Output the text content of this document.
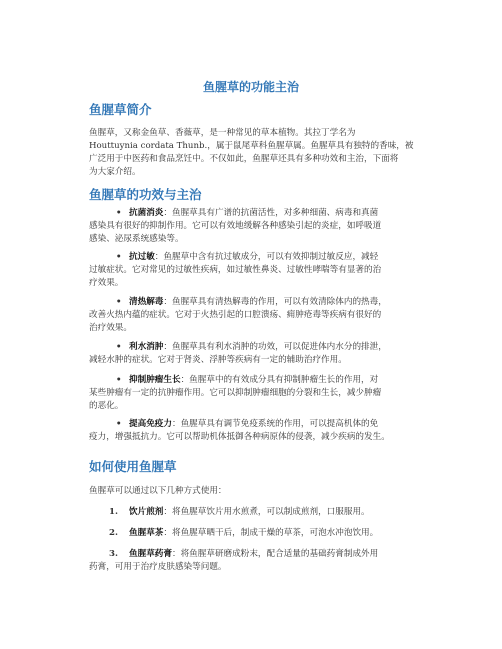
鱼腥草的功能主治
鱼腥草简介
鱼腥草，又称金鱼草、香薇草，是一种常见的草本植物。其拉丁学名为
Houttuynia cordata Thunb.，属于鼠尾草科鱼腥草属。鱼腥草具有独特的香味，被
广泛用于中医药和食品烹饪中。不仅如此，鱼腥草还具有多种功效和主治，下面将
为大家介绍。
鱼腥草的功效与主治
• 抗菌消炎：鱼腥草具有广谱的抗菌活性，对多种细菌、病毒和真菌
感染具有很好的抑制作用。它可以有效地缓解各种感染引起的炎症，如呼吸道
感染、泌尿系统感染等。
• 抗过敏：鱼腥草中含有抗过敏成分，可以有效抑制过敏反应，减轻
过敏症状。它对常见的过敏性疾病，如过敏性鼻炎、过敏性哮喘等有显著的治
疗效果。
• 清热解毒：鱼腥草具有清热解毒的作用，可以有效清除体内的热毒，
改善火热内蕴的症状。它对于火热引起的口腔溃疡、痈肿疮毒等疾病有很好的
治疗效果。
• 利水消肿：鱼腥草具有利水消肿的功效，可以促进体内水分的排泄，
减轻水肿的症状。它对于肾炎、浮肿等疾病有一定的辅助治疗作用。
• 抑制肿瘤生长：鱼腥草中的有效成分具有抑制肿瘤生长的作用，对
某些肿瘤有一定的抗肿瘤作用。它可以抑制肿瘤细胞的分裂和生长，减少肿瘤
的恶化。
• 提高免疫力：鱼腥草具有调节免疫系统的作用，可以提高机体的免
疫力，增强抵抗力。它可以帮助机体抵御各种病原体的侵袭，减少疾病的发生。
如何使用鱼腥草
鱼腥草可以通过以下几种方式使用：
1. 饮片煎剂：将鱼腥草饮片用水煎煮，可以制成煎剂，口服服用。
2. 鱼腥草茶：将鱼腥草晒干后，制成干燥的草茶，可泡水冲泡饮用。
3. 鱼腥草药膏：将鱼腥草研磨成粉末，配合适量的基础药膏制成外用
药膏，可用于治疗皮肤感染等问题。
